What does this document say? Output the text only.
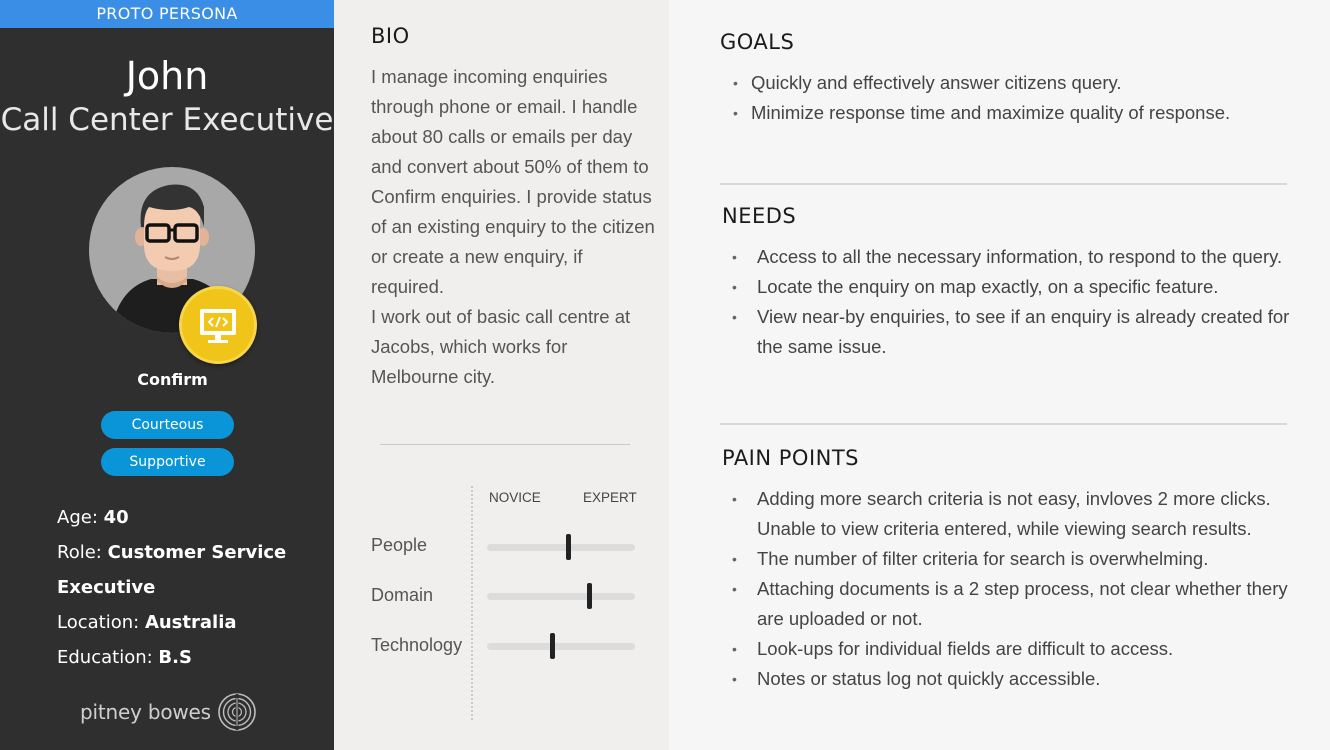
PROTO PERSONA
John
Call Center Executive
Confirm
Courteous
Supportive
Age: 40
Role: Customer Service Executive
Location: Australia
Education: B.S
pitney bowes
BIO
I manage incoming enquiries through phone or email. I handle about 80 calls or emails per day and convert about 50% of them to Confirm enquiries. I provide status of an existing enquiry to the citizen or create a new enquiry, if required.
I work out of basic call centre at Jacobs, which works for Melbourne city.
NOVICE	EXPERT
People
Domain
Technology
GOALS
• Quickly and effectively answer citizens query.
• Minimize response time and maximize quality of response.
NEEDS
• Access to all the necessary information, to respond to the query.
• Locate the enquiry on map exactly, on a specific feature.
• View near-by enquiries, to see if an enquiry is already created for the same issue.
PAIN POINTS
• Adding more search criteria is not easy, invloves 2 more clicks. Unable to view criteria entered, while viewing search results.
• The number of filter criteria for search is overwhelming.
• Attaching documents is a 2 step process, not clear whether thery are uploaded or not.
• Look-ups for individual fields are difficult to access.
• Notes or status log not quickly accessible.
